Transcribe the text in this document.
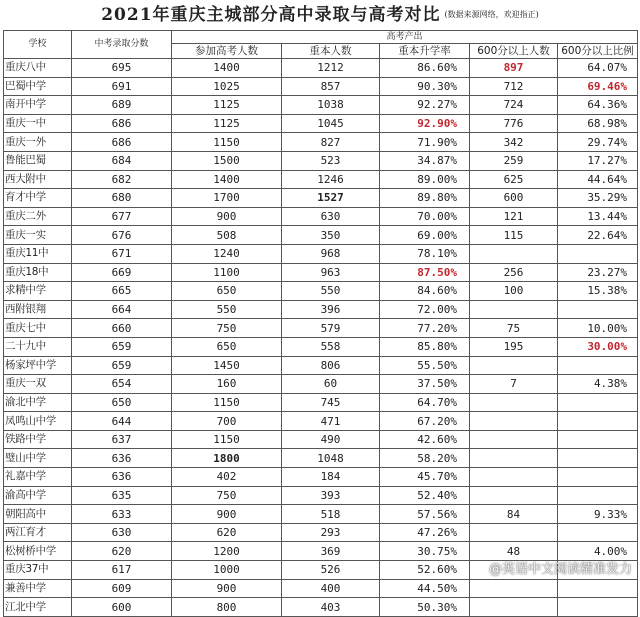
2021年重庆主城部分高中录取与高考对比 (数据来源网络，欢迎指正)
学校	中考录取分数	高考产出				
		参加高考人数	重本人数	重本升学率	600分以上人数	600分以上比例
重庆八中	695	1400	1212	86.60%	897	64.07%
巴蜀中学	691	1025	857	90.30%	712	69.46%
南开中学	689	1125	1038	92.27%	724	64.36%
重庆一中	686	1125	1045	92.90%	776	68.98%
重庆一外	686	1150	827	71.90%	342	29.74%
鲁能巴蜀	684	1500	523	34.87%	259	17.27%
西大附中	682	1400	1246	89.00%	625	44.64%
育才中学	680	1700	1527	89.80%	600	35.29%
重庆二外	677	900	630	70.00%	121	13.44%
重庆一实	676	508	350	69.00%	115	22.64%
重庆11中	671	1240	968	78.10%		
重庆18中	669	1100	963	87.50%	256	23.27%
求精中学	665	650	550	84.60%	100	15.38%
西附银翔	664	550	396	72.00%		
重庆七中	660	750	579	77.20%	75	10.00%
二十九中	659	650	558	85.80%	195	30.00%
杨家坪中学	659	1450	806	55.50%		
重庆一双	654	160	60	37.50%	7	4.38%
渝北中学	650	1150	745	64.70%		
凤鸣山中学	644	700	471	67.20%		
铁路中学	637	1150	490	42.60%		
璧山中学	636	1800	1048	58.20%		
礼嘉中学	636	402	184	45.70%		
渝高中学	635	750	393	52.40%		
朝阳高中	633	900	518	57.56%	84	9.33%
两江育才	630	620	293	47.26%		
松树桥中学	620	1200	369	30.75%	48	4.00%
重庆37中	617	1000	526	52.60%		
兼善中学	609	900	400	44.50%		
江北中学	600	800	403	50.30%		
@英语中文阅读精准发力
